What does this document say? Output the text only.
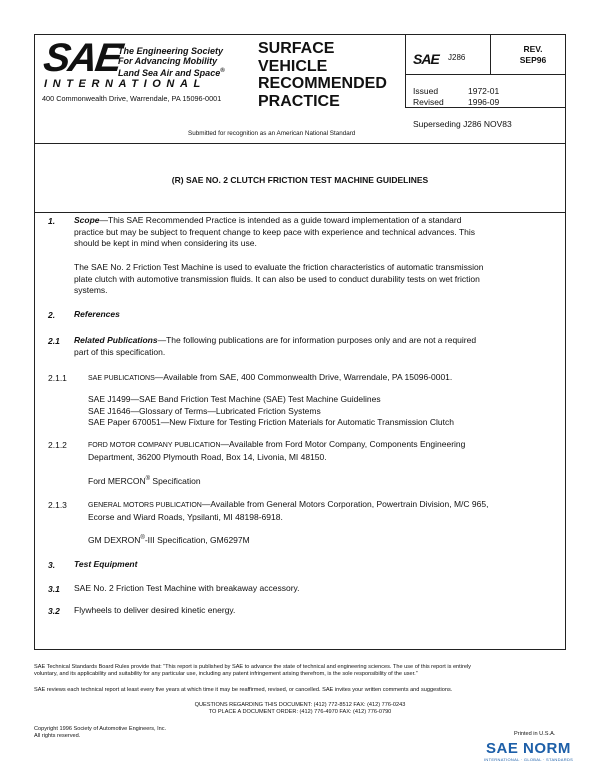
SAE
The Engineering Society
For Advancing Mobility
Land Sea Air and Space®
INTERNATIONAL
400 Commonwealth Drive, Warrendale, PA 15096-0001
SURFACE
VEHICLE
RECOMMENDED
PRACTICE
Submitted for recognition as an American National Standard
SAE J286
REV.
SEP96
Issued	1972-01
Revised	1996-09
Superseding J286 NOV83
(R) SAE NO. 2 CLUTCH FRICTION TEST MACHINE GUIDELINES
1. Scope—This SAE Recommended Practice is intended as a guide toward implementation of a standard
practice but may be subject to frequent change to keep pace with experience and technical advances. This
should be kept in mind when considering its use.
The SAE No. 2 Friction Test Machine is used to evaluate the friction characteristics of automatic transmission
plate clutch with automotive transmission fluids. It can also be used to conduct durability tests on wet friction
systems.
2. References
2.1 Related Publications—The following publications are for information purposes only and are not a required
part of this specification.
2.1.1	SAE PUBLICATIONS—Available from SAE, 400 Commonwealth Drive, Warrendale, PA 15096-0001.
SAE J1499—SAE Band Friction Test Machine (SAE) Test Machine Guidelines
SAE J1646—Glossary of Terms—Lubricated Friction Systems
SAE Paper 670051—New Fixture for Testing Friction Materials for Automatic Transmission Clutch
2.1.2	FORD MOTOR COMPANY PUBLICATION—Available from Ford Motor Company, Components Engineering
Department, 36200 Plymouth Road, Box 14, Livonia, MI 48150.
Ford MERCON® Specification
2.1.3	GENERAL MOTORS PUBLICATION—Available from General Motors Corporation, Powertrain Division, M/C 965,
Ecorse and Wiard Roads, Ypsilanti, MI 48198-6918.
GM DEXRON®-III Specification, GM6297M
3. Test Equipment
3.1 SAE No. 2 Friction Test Machine with breakaway accessory.
3.2 Flywheels to deliver desired kinetic energy.
SAE Technical Standards Board Rules provide that: “This report is published by SAE to advance the state of technical and engineering sciences. The use of this report is entirely
voluntary, and its applicability and suitability for any particular use, including any patent infringement arising therefrom, is the sole responsibility of the user.”
SAE reviews each technical report at least every five years at which time it may be reaffirmed, revised, or cancelled. SAE invites your written comments and suggestions.
QUESTIONS REGARDING THIS DOCUMENT: (412) 772-8512 FAX: (412) 776-0243
TO PLACE A DOCUMENT ORDER: (412) 776-4970 FAX: (412) 776-0790
Copyright 1996 Society of Automotive Engineers, Inc.
All rights reserved.	Printed in U.S.A.
SAE NORM
INTERNATIONAL · GLOBAL · STANDARDS
